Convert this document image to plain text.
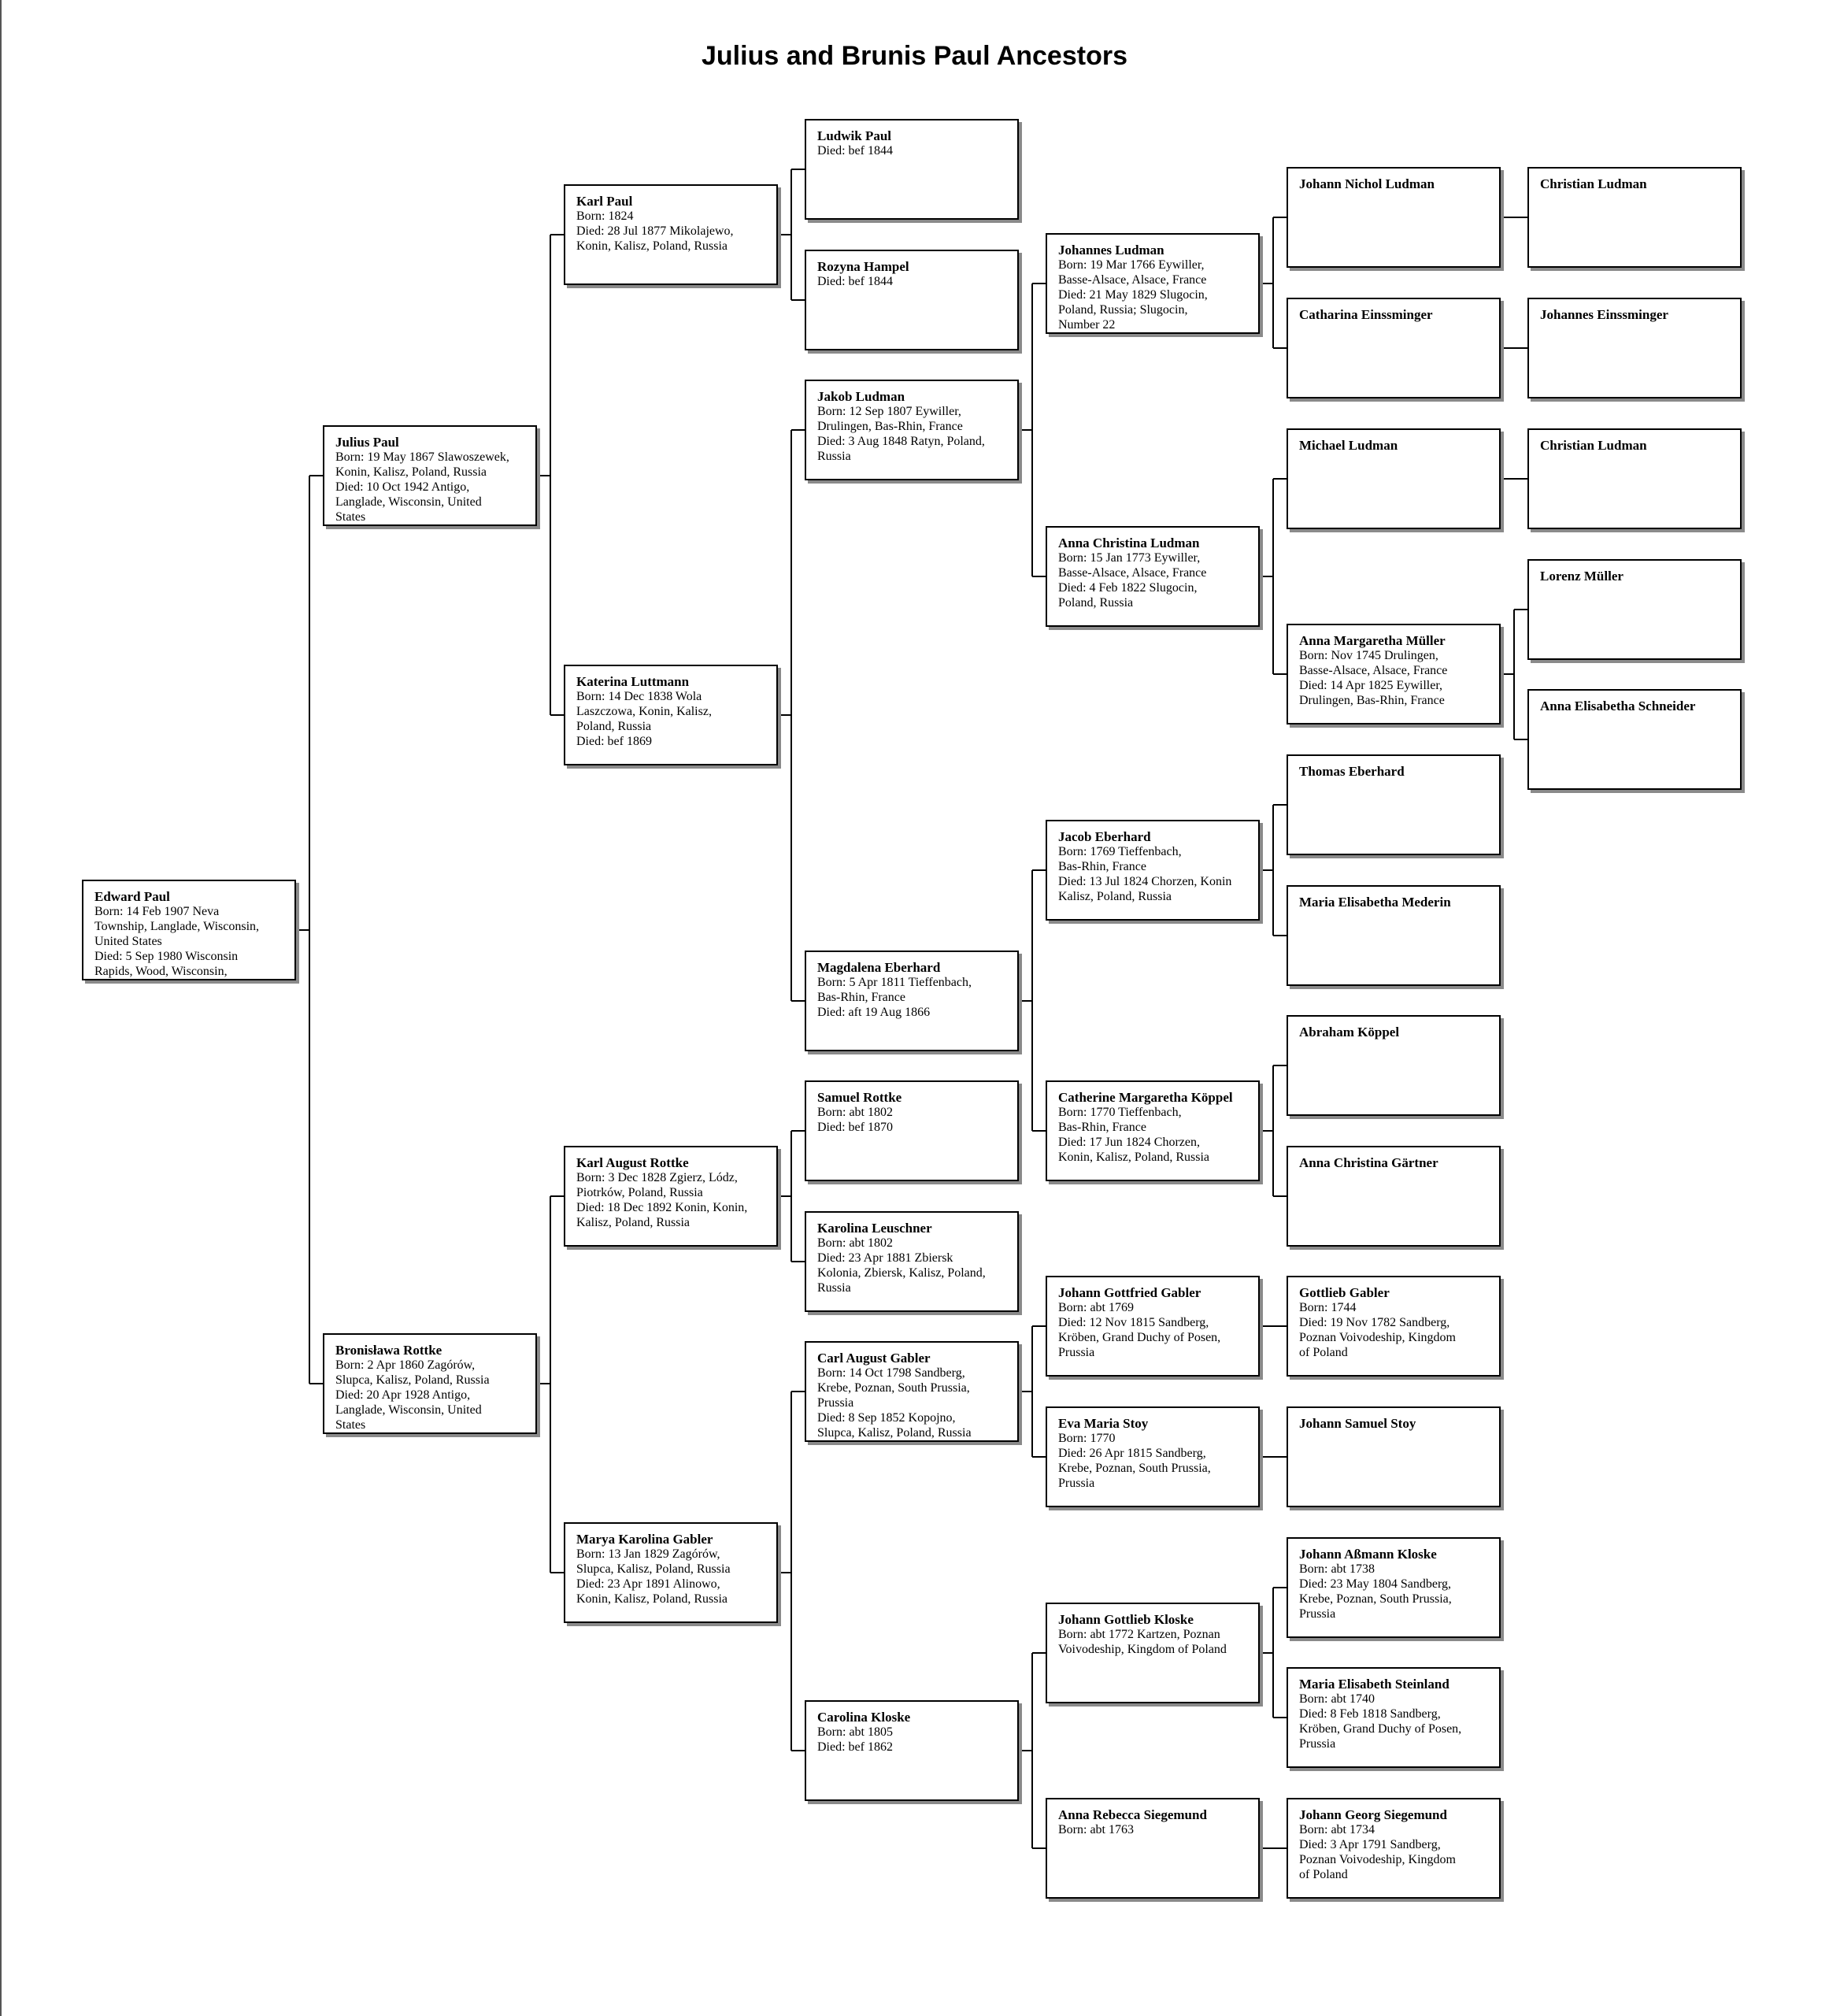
Julius and Brunis Paul Ancestors
Edward Paul
Born: 14 Feb 1907 Neva
Township, Langlade, Wisconsin,
United States
Died: 5 Sep 1980 Wisconsin
Rapids, Wood, Wisconsin,
Julius Paul
Born: 19 May 1867 Slawoszewek,
Konin, Kalisz, Poland, Russia
Died: 10 Oct 1942 Antigo,
Langlade, Wisconsin, United
States
Bronisława Rottke
Born: 2 Apr 1860 Zagórów,
Slupca, Kalisz, Poland, Russia
Died: 20 Apr 1928 Antigo,
Langlade, Wisconsin, United
States
Karl Paul
Born: 1824
Died: 28 Jul 1877 Mikolajewo,
Konin, Kalisz, Poland, Russia
Katerina Luttmann
Born: 14 Dec 1838 Wola
Laszczowa, Konin, Kalisz,
Poland, Russia
Died: bef 1869
Karl August Rottke
Born: 3 Dec 1828 Zgierz, Lódz,
Piotrków, Poland, Russia
Died: 18 Dec 1892 Konin, Konin,
Kalisz, Poland, Russia
Marya Karolina Gabler
Born: 13 Jan 1829 Zagórów,
Slupca, Kalisz, Poland, Russia
Died: 23 Apr 1891 Alinowo,
Konin, Kalisz, Poland, Russia
Ludwik Paul
Died: bef 1844
Rozyna Hampel
Died: bef 1844
Jakob Ludman
Born: 12 Sep 1807 Eywiller,
Drulingen, Bas-Rhin, France
Died: 3 Aug 1848 Ratyn, Poland,
Russia
Magdalena Eberhard
Born: 5 Apr 1811 Tieffenbach,
Bas-Rhin, France
Died: aft 19 Aug 1866
Samuel Rottke
Born: abt 1802
Died: bef 1870
Karolina Leuschner
Born: abt 1802
Died: 23 Apr 1881 Zbiersk
Kolonia, Zbiersk, Kalisz, Poland,
Russia
Carl August Gabler
Born: 14 Oct 1798 Sandberg,
Krebe, Poznan, South Prussia,
Prussia
Died: 8 Sep 1852 Kopojno,
Slupca, Kalisz, Poland, Russia
Carolina Kloske
Born: abt 1805
Died: bef 1862
Johannes Ludman
Born: 19 Mar 1766 Eywiller,
Basse-Alsace, Alsace, France
Died: 21 May 1829 Slugocin,
Poland, Russia; Slugocin,
Number 22
Anna Christina Ludman
Born: 15 Jan 1773 Eywiller,
Basse-Alsace, Alsace, France
Died: 4 Feb 1822 Slugocin,
Poland, Russia
Jacob Eberhard
Born: 1769 Tieffenbach,
Bas-Rhin, France
Died: 13 Jul 1824 Chorzen, Konin
Kalisz, Poland, Russia
Catherine Margaretha Köppel
Born: 1770 Tieffenbach,
Bas-Rhin, France
Died: 17 Jun 1824 Chorzen,
Konin, Kalisz, Poland, Russia
Johann Gottfried Gabler
Born: abt 1769
Died: 12 Nov 1815 Sandberg,
Kröben, Grand Duchy of Posen,
Prussia
Eva Maria Stoy
Born: 1770
Died: 26 Apr 1815 Sandberg,
Krebe, Poznan, South Prussia,
Prussia
Johann Gottlieb Kloske
Born: abt 1772 Kartzen, Poznan
Voivodeship, Kingdom of Poland
Anna Rebecca Siegemund
Born: abt 1763
Johann Nichol Ludman
Catharina Einssminger
Michael Ludman
Anna Margaretha Müller
Born: Nov 1745 Drulingen,
Basse-Alsace, Alsace, France
Died: 14 Apr 1825 Eywiller,
Drulingen, Bas-Rhin, France
Thomas Eberhard
Maria Elisabetha Mederin
Abraham Köppel
Anna Christina Gärtner
Gottlieb Gabler
Born: 1744
Died: 19 Nov 1782 Sandberg,
Poznan Voivodeship, Kingdom
of Poland
Johann Samuel Stoy
Johann Aßmann Kloske
Born: abt 1738
Died: 23 May 1804 Sandberg,
Krebe, Poznan, South Prussia,
Prussia
Maria Elisabeth Steinland
Born: abt 1740
Died: 8 Feb 1818 Sandberg,
Kröben, Grand Duchy of Posen,
Prussia
Johann Georg Siegemund
Born: abt 1734
Died: 3 Apr 1791 Sandberg,
Poznan Voivodeship, Kingdom
of Poland
Christian Ludman
Johannes Einssminger
Christian Ludman
Lorenz Müller
Anna Elisabetha Schneider
